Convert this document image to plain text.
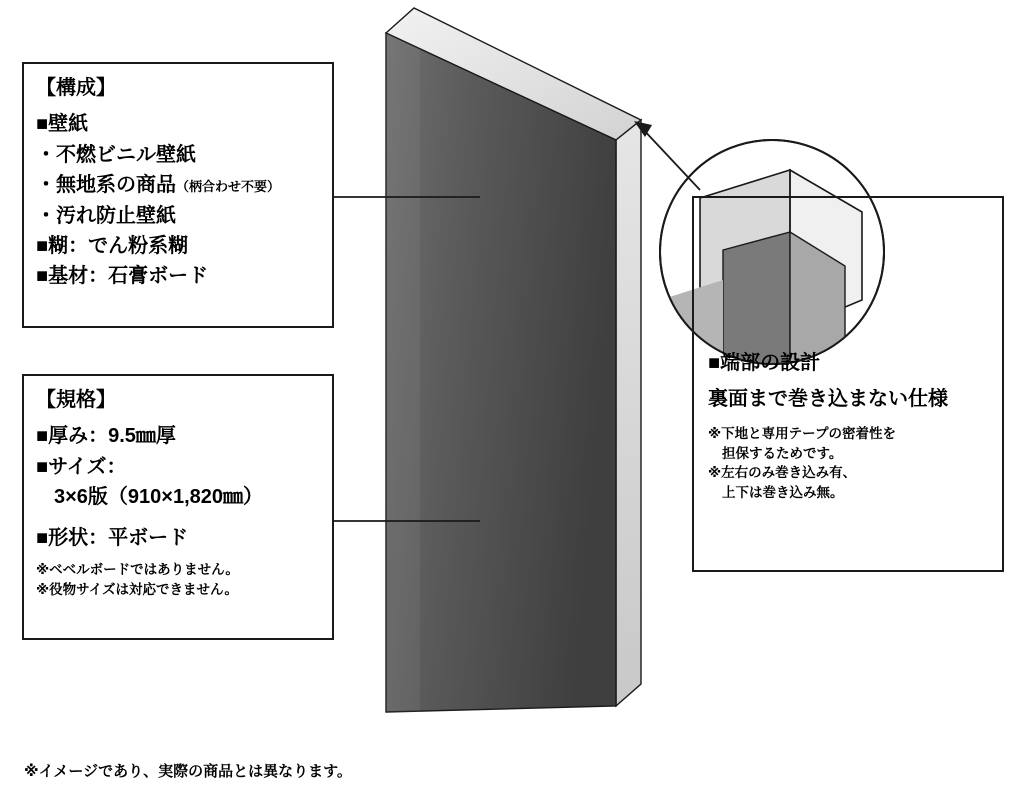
【構成】
■壁紙
・不燃ビニル壁紙
・無地系の商品（柄合わせ不要）
・汚れ防止壁紙
■糊：でん粉系糊
■基材：石膏ボード
【規格】
■厚み：9.5㎜厚
■サイズ：
3×6版（910×1,820㎜）
■形状：平ボード
※ベベルボードではありません。
※役物サイズは対応できません。
■端部の設計
裏面まで巻き込まない仕様
※下地と専用テープの密着性を
担保するためです。
※左右のみ巻き込み有、
上下は巻き込み無。
※イメージであり、実際の商品とは異なります。
